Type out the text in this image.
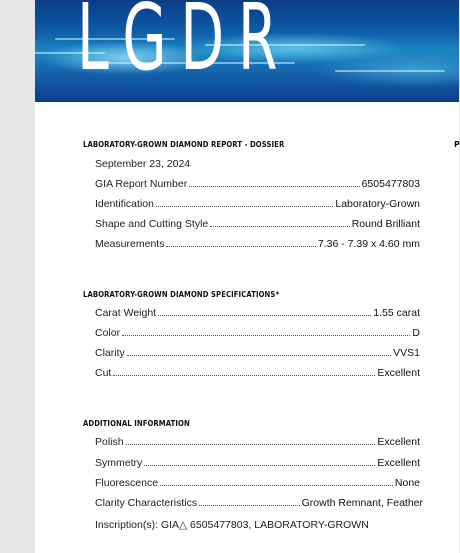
LGDR
LABORATORY-GROWN DIAMOND REPORT - DOSSIER	P
September 23, 2024
GIA Report Number	6505477803
Identification	Laboratory-Grown
Shape and Cutting Style	Round Brilliant
Measurements	7.36 - 7.39 x 4.60 mm
LABORATORY-GROWN DIAMOND SPECIFICATIONS*
Carat Weight	1.55 carat
Color	D
Clarity	VVS1
Cut	Excellent
ADDITIONAL INFORMATION
Polish	Excellent
Symmetry	Excellent
Fluorescence	None
Clarity Characteristics	Growth Remnant, Feather
Inscription(s): GIA△ 6505477803, LABORATORY-GROWN
